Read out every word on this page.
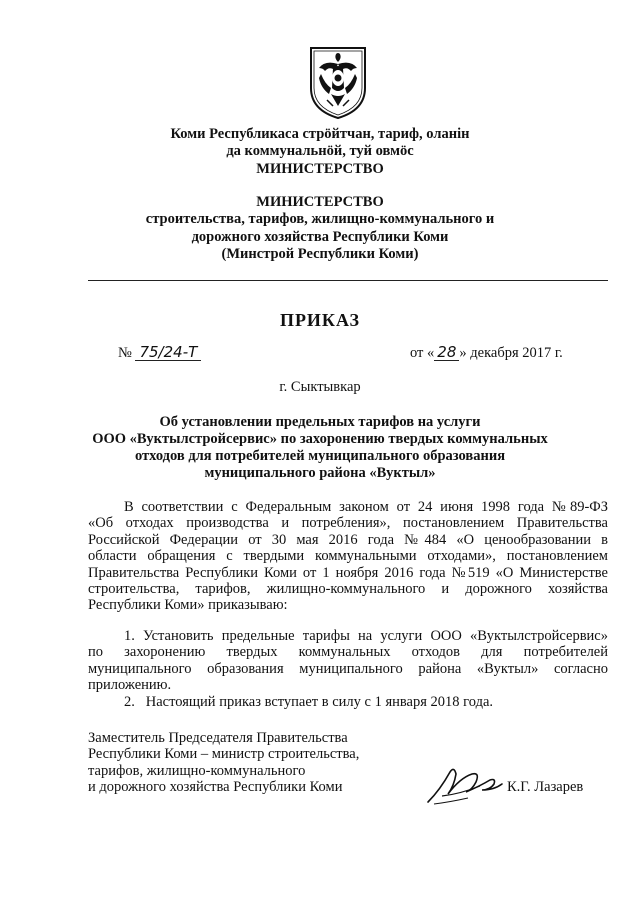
Коми Республикаса стрöйтчан, тариф, оланiн
да коммунальнöй, туй овмöс
МИНИСТЕРСТВО
МИНИСТЕРСТВО
строительства, тарифов, жилищно-коммунального и
дорожного хозяйства Республики Коми
(Минстрой Республики Коми)
ПРИКАЗ
№ 75/24-Т	от « 28 » декабря 2017 г.
г. Сыктывкар
Об установлении предельных тарифов на услуги
ООО «Вуктылстройсервис» по захоронению твердых коммунальных
отходов для потребителей муниципального образования
муниципального района «Вуктыл»
В соответствии с Федеральным законом от 24 июня 1998 года №89-ФЗ
«Об отходах производства и потребления», постановлением Правительства
Российской Федерации от 30 мая 2016 года №484 «О ценообразовании в
области обращения с твердыми коммунальными отходами», постановлением
Правительства Республики Коми от 1 ноября 2016 года №519 «О Министерстве
строительства, тарифов, жилищно-коммунального и дорожного хозяйства
Республики Коми» приказываю:
1. Установить предельные тарифы на услуги ООО «Вуктылстройсервис»
по захоронению твердых коммунальных отходов для потребителей
муниципального образования муниципального района «Вуктыл» согласно
приложению.
2.   Настоящий приказ вступает в силу с 1 января 2018 года.
Заместитель Председателя Правительства
Республики Коми – министр строительства,
тарифов, жилищно-коммунального
и дорожного хозяйства Республики Коми	К.Г. Лазарев
